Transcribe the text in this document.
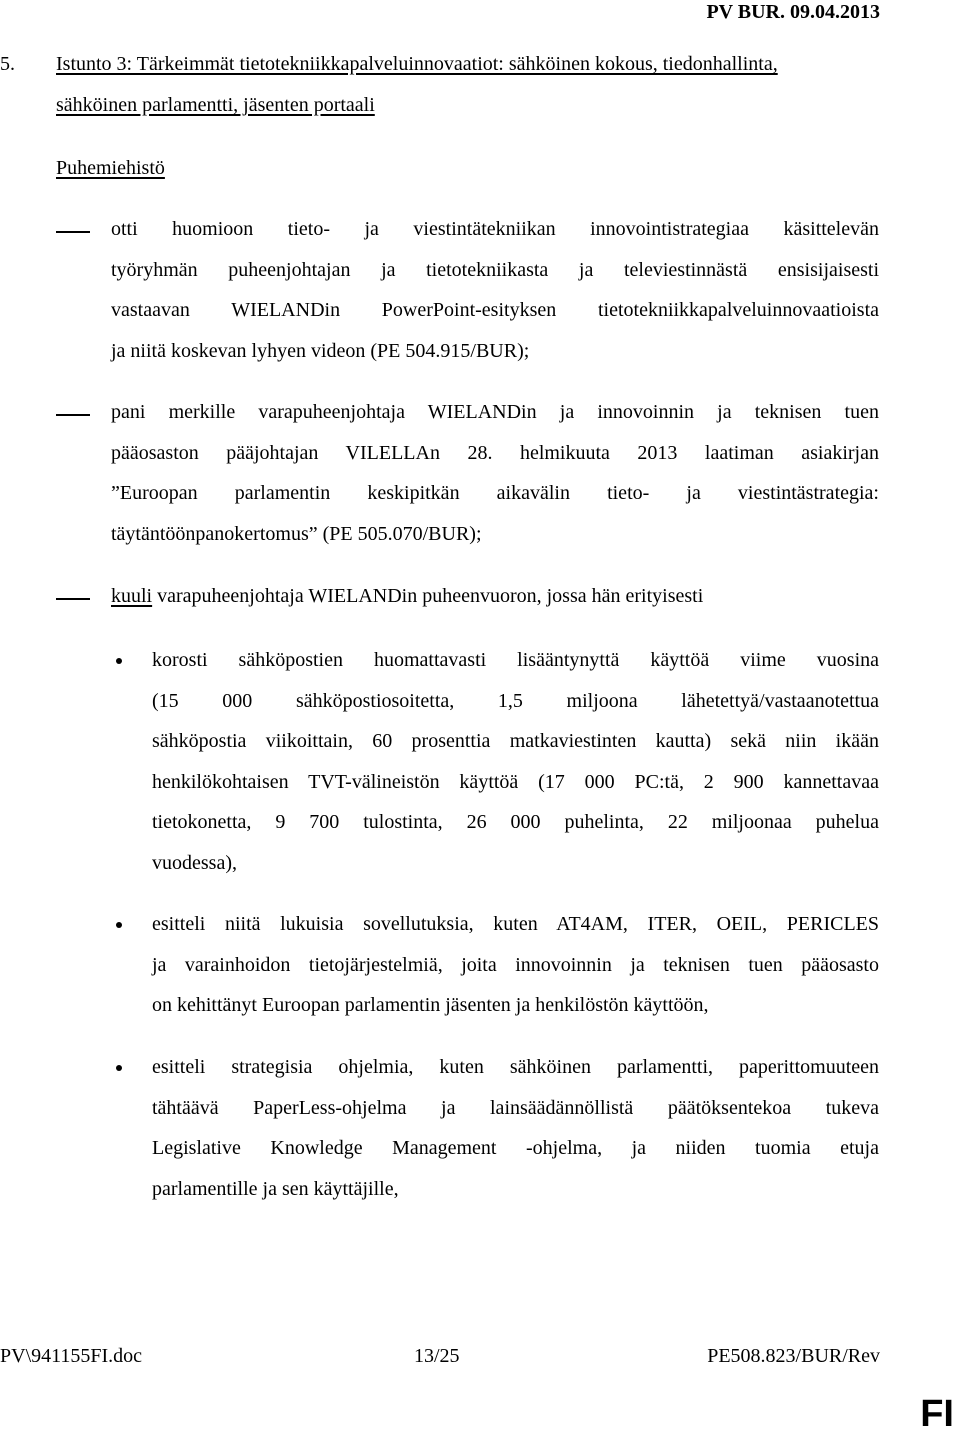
PV BUR. 09.04.2013
5. Istunto 3: Tärkeimmät tietotekniikkapalveluinnovaatiot: sähköinen kokous, tiedonhallinta,
sähköinen parlamentti, jäsenten portaali
Puhemiehistö
otti huomioon tieto- ja viestintätekniikan innovointistrategiaa käsittelevän
työryhmän puheenjohtajan ja tietotekniikasta ja televiestinnästä ensisijaisesti
vastaavan WIELANDin PowerPoint-esityksen tietotekniikkapalveluinnovaatioista
ja niitä koskevan lyhyen videon (PE 504.915/BUR);
pani merkille varapuheenjohtaja WIELANDin ja innovoinnin ja teknisen tuen
pääosaston pääjohtajan VILELLAn 28. helmikuuta 2013 laatiman asiakirjan
”Euroopan parlamentin keskipitkän aikavälin tieto- ja viestintästrategia:
täytäntöönpanokertomus” (PE 505.070/BUR);
kuuli varapuheenjohtaja WIELANDin puheenvuoron, jossa hän erityisesti
korosti sähköpostien huomattavasti lisääntynyttä käyttöä viime vuosina
(15 000 sähköpostiosoitetta, 1,5 miljoona lähetettyä/vastaanotettua
sähköpostia viikoittain, 60 prosenttia matkaviestinten kautta) sekä niin ikään
henkilökohtaisen TVT-välineistön käyttöä (17 000 PC:tä, 2 900 kannettavaa
tietokonetta, 9 700 tulostinta, 26 000 puhelinta, 22 miljoonaa puhelua
vuodessa),
esitteli niitä lukuisia sovellutuksia, kuten AT4AM, ITER, OEIL, PERICLES
ja varainhoidon tietojärjestelmiä, joita innovoinnin ja teknisen tuen pääosasto
on kehittänyt Euroopan parlamentin jäsenten ja henkilöstön käyttöön,
esitteli strategisia ohjelmia, kuten sähköinen parlamentti, paperittomuuteen
tähtäävä PaperLess-ohjelma ja lainsäädännöllistä päätöksentekoa tukeva
Legislative Knowledge Management -ohjelma, ja niiden tuomia etuja
parlamentille ja sen käyttäjille,
PV\941155FI.doc	13/25	PE508.823/BUR/Rev
FI
